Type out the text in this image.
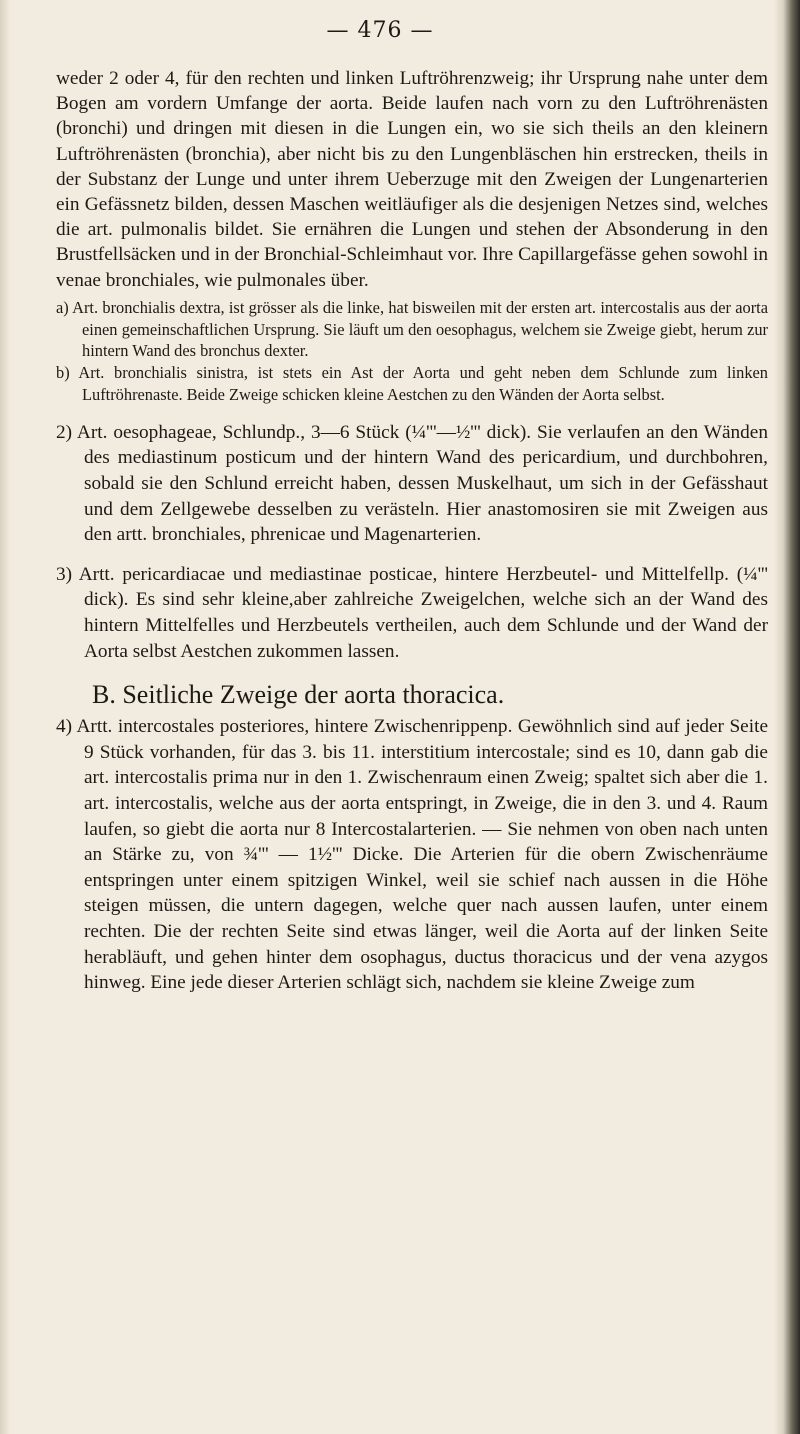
— 476 —

weder 2 oder 4, für den rechten und linken Luftröhrenzweig; ihr Ursprung nahe unter dem Bogen am vordern Umfange der aorta. Beide laufen nach vorn zu den Luftröhrenästen (bronchi) und dringen mit diesen in die Lungen ein, wo sie sich theils an den kleinern Luftröhrenästen (bronchia), aber nicht bis zu den Lungenbläschen hin erstrecken, theils in der Substanz der Lunge und unter ihrem Ueberzuge mit den Zweigen der Lungenarterien ein Gefässnetz bilden, dessen Maschen weitläufiger als die desjenigen Netzes sind, welches die art. pulmonalis bildet. Sie ernähren die Lungen und stehen der Absonderung in den Brustfellsäcken und in der Bronchial-Schleimhaut vor. Ihre Capillargefässe gehen sowohl in venae bronchiales, wie pulmonales über.

a) Art. bronchialis dextra, ist grösser als die linke, hat bisweilen mit der ersten art. intercostalis aus der aorta einen gemeinschaftlichen Ursprung. Sie läuft um den oesophagus, welchem sie Zweige giebt, herum zur hintern Wand des bronchus dexter.
b) Art. bronchialis sinistra, ist stets ein Ast der Aorta und geht neben dem Schlunde zum linken Luftröhrenaste. Beide Zweige schicken kleine Aestchen zu den Wänden der Aorta selbst.

2) Art. oesophageae, Schlundp., 3—6 Stück (¼'''—½''' dick). Sie verlaufen an den Wänden des mediastinum posticum und der hintern Wand des pericardium, und durchbohren, sobald sie den Schlund erreicht haben, dessen Muskelhaut, um sich in der Gefässhaut und dem Zellgewebe desselben zu verästeln. Hier anastomosiren sie mit Zweigen aus den artt. bronchiales, phrenicae und Magenarterien.

3) Artt. pericardiacae und mediastinae posticae, hintere Herzbeutel- und Mittelfellp. (¼''' dick). Es sind sehr kleine,aber zahlreiche Zweigelchen, welche sich an der Wand des hintern Mittelfelles und Herzbeutels vertheilen, auch dem Schlunde und der Wand der Aorta selbst Aestchen zukommen lassen.

B. Seitliche Zweige der aorta thoracica.

4) Artt. intercostales posteriores, hintere Zwischenrippenp. Gewöhnlich sind auf jeder Seite 9 Stück vorhanden, für das 3. bis 11. interstitium intercostale; sind es 10, dann gab die art. intercostalis prima nur in den 1. Zwischenraum einen Zweig; spaltet sich aber die 1. art. intercostalis, welche aus der aorta entspringt, in Zweige, die in den 3. und 4. Raum laufen, so giebt die aorta nur 8 Intercostalarterien. — Sie nehmen von oben nach unten an Stärke zu, von ¾''' — 1½''' Dicke. Die Arterien für die obern Zwischenräume entspringen unter einem spitzigen Winkel, weil sie schief nach aussen in die Höhe steigen müssen, die untern dagegen, welche quer nach aussen laufen, unter einem rechten. Die der rechten Seite sind etwas länger, weil die Aorta auf der linken Seite herabläuft, und gehen hinter dem osophagus, ductus thoracicus und der vena azygos hinweg. Eine jede dieser Arterien schlägt sich, nachdem sie kleine Zweige zum
